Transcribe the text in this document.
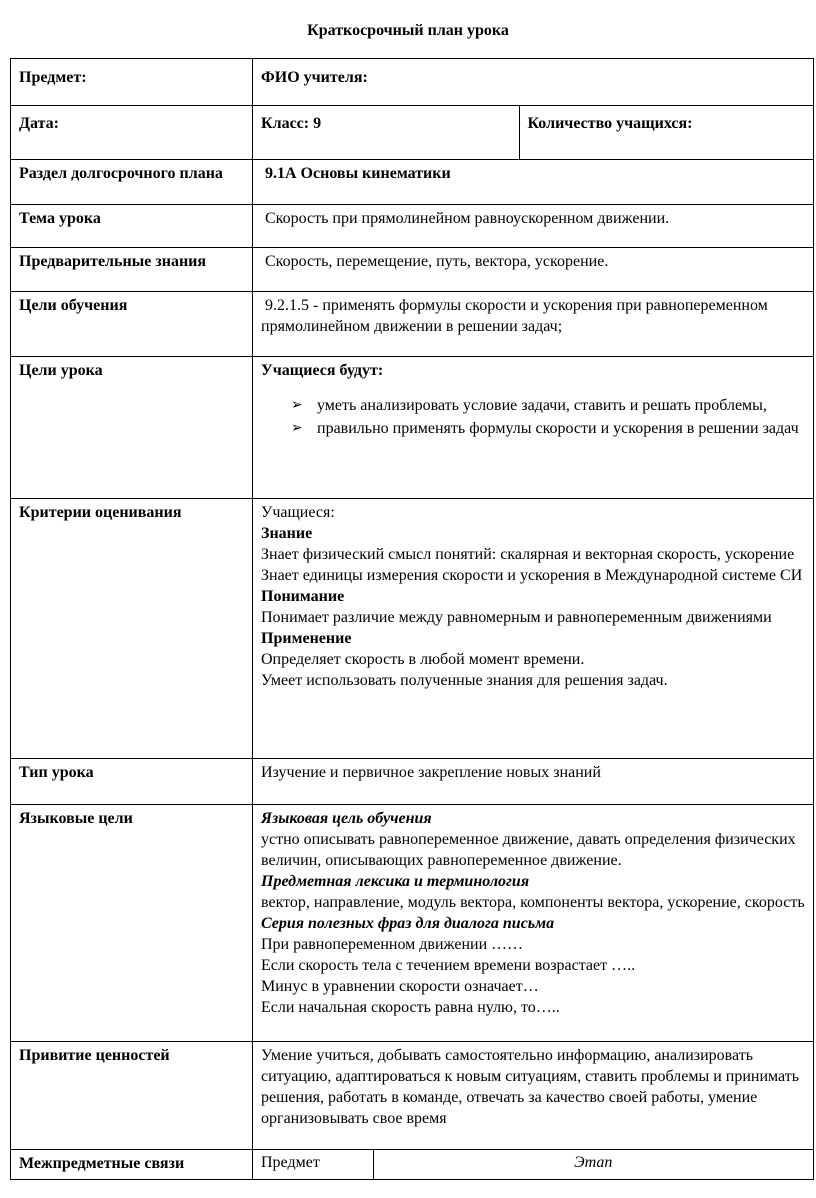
Краткосрочный план урока
Предмет:	ФИО учителя:
Дата:		Класс: 9	Количество учащихся:

Раздел долгосрочного плана	9.1А Основы кинематики
Тема урока	Скорость при прямолинейном равноускоренном движении.
Предварительные знания	Скорость, перемещение, путь, вектора, ускорение.
Цели обучения	9.2.1.5 - применять формулы скорости и ускорения при равнопеременном прямолинейном движении в решении задач;
Цели урока	Учащиеся будут:
➢ уметь анализировать условие задачи, ставить и решать проблемы,
➢ правильно применять формулы скорости и ускорения в решении задач

Критерии оценивания	Учащиеся:
Знание
Знает физический смысл понятий: скалярная и векторная скорость, ускорение
Знает единицы измерения скорости и ускорения в Международной системе СИ
Понимание
Понимает различие между равномерным и равнопеременным движениями
Применение
Определяет скорость в любой момент времени.
Умеет использовать полученные знания для решения задач.

Тип урока	Изучение и первичное закрепление новых знаний
Языковые цели	Языковая цель обучения
устно описывать равнопеременное движение, давать определения физических величин, описывающих равнопеременное движение.
Предметная лексика и терминология
вектор, направление, модуль вектора, компоненты вектора, ускорение, скорость
Серия полезных фраз для диалога письма
При равнопеременном движении ……
Если скорость тела с течением времени возрастает …..
Минус в уравнении скорости означает…
Если начальная скорость равна нулю, то…..

Привитие ценностей	Умение учиться, добывать самостоятельно информацию, анализировать ситуацию, адаптироваться к новым ситуациям, ставить проблемы и принимать решения, работать в команде, отвечать за качество своей работы, умение организовывать свое время
Межпредметные связи		Предмет	Этап
